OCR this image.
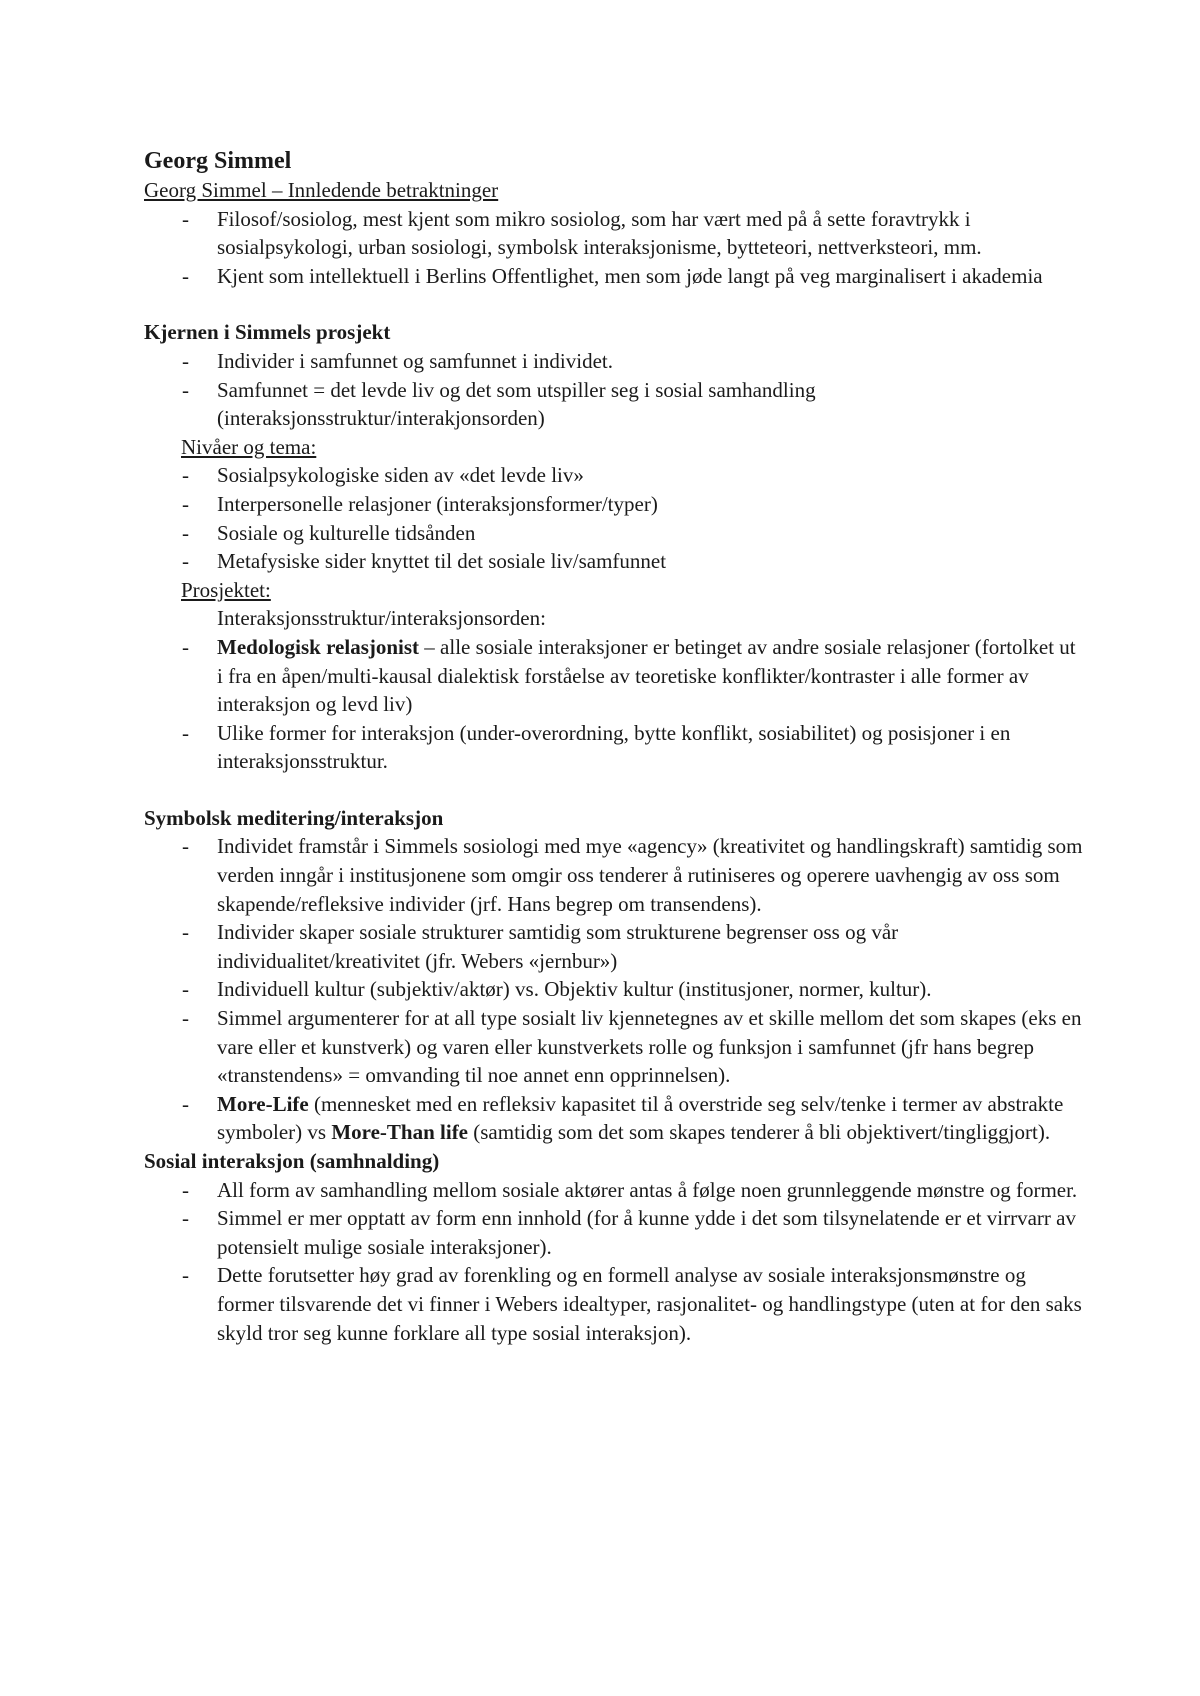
Georg Simmel
Georg Simmel – Innledende betraktninger
- Filosof/sosiolog, mest kjent som mikro sosiolog, som har vært med på å sette foravtrykk i sosialpsykologi, urban sosiologi, symbolsk interaksjonisme, bytteteori, nettverksteori, mm.
- Kjent som intellektuell i Berlins Offentlighet, men som jøde langt på veg marginalisert i akademia
Kjernen i Simmels prosjekt
- Individer i samfunnet og samfunnet i individet.
- Samfunnet = det levde liv og det som utspiller seg i sosial samhandling (interaksjonsstruktur/interakjonsorden)
Nivåer og tema:
- Sosialpsykologiske siden av «det levde liv»
- Interpersonelle relasjoner (interaksjonsformer/typer)
- Sosiale og kulturelle tidsånden
- Metafysiske sider knyttet til det sosiale liv/samfunnet
Prosjektet:
Interaksjonsstruktur/interaksjonsorden:
- Medologisk relasjonist – alle sosiale interaksjoner er betinget av andre sosiale relasjoner (fortolket ut i fra en åpen/multi-kausal dialektisk forståelse av teoretiske konflikter/kontraster i alle former av interaksjon og levd liv)
- Ulike former for interaksjon (under-overordning, bytte konflikt, sosiabilitet) og posisjoner i en interaksjonsstruktur.
Symbolsk meditering/interaksjon
- Individet framstår i Simmels sosiologi med mye «agency» (kreativitet og handlingskraft) samtidig som verden inngår i institusjonene som omgir oss tenderer å rutiniseres og operere uavhengig av oss som skapende/refleksive individer (jrf. Hans begrep om transendens).
- Individer skaper sosiale strukturer samtidig som strukturene begrenser oss og vår individualitet/kreativitet (jfr. Webers «jernbur»)
- Individuell kultur (subjektiv/aktør) vs. Objektiv kultur (institusjoner, normer, kultur).
- Simmel argumenterer for at all type sosialt liv kjennetegnes av et skille mellom det som skapes (eks en vare eller et kunstverk) og varen eller kunstverkets rolle og funksjon i samfunnet (jfr hans begrep «transtendens» = omvanding til noe annet enn opprinnelsen).
- More-Life (mennesket med en refleksiv kapasitet til å overstride seg selv/tenke i termer av abstrakte symboler) vs More-Than life (samtidig som det som skapes tenderer å bli objektivert/tingliggjort).
Sosial interaksjon (samhnalding)
- All form av samhandling mellom sosiale aktører antas å følge noen grunnleggende mønstre og former.
- Simmel er mer opptatt av form enn innhold (for å kunne ydde i det som tilsynelatende er et virrvarr av potensielt mulige sosiale interaksjoner).
- Dette forutsetter høy grad av forenkling og en formell analyse av sosiale interaksjonsmønstre og former tilsvarende det vi finner i Webers idealtyper, rasjonalitet- og handlingstype (uten at for den saks skyld tror seg kunne forklare all type sosial interaksjon).
